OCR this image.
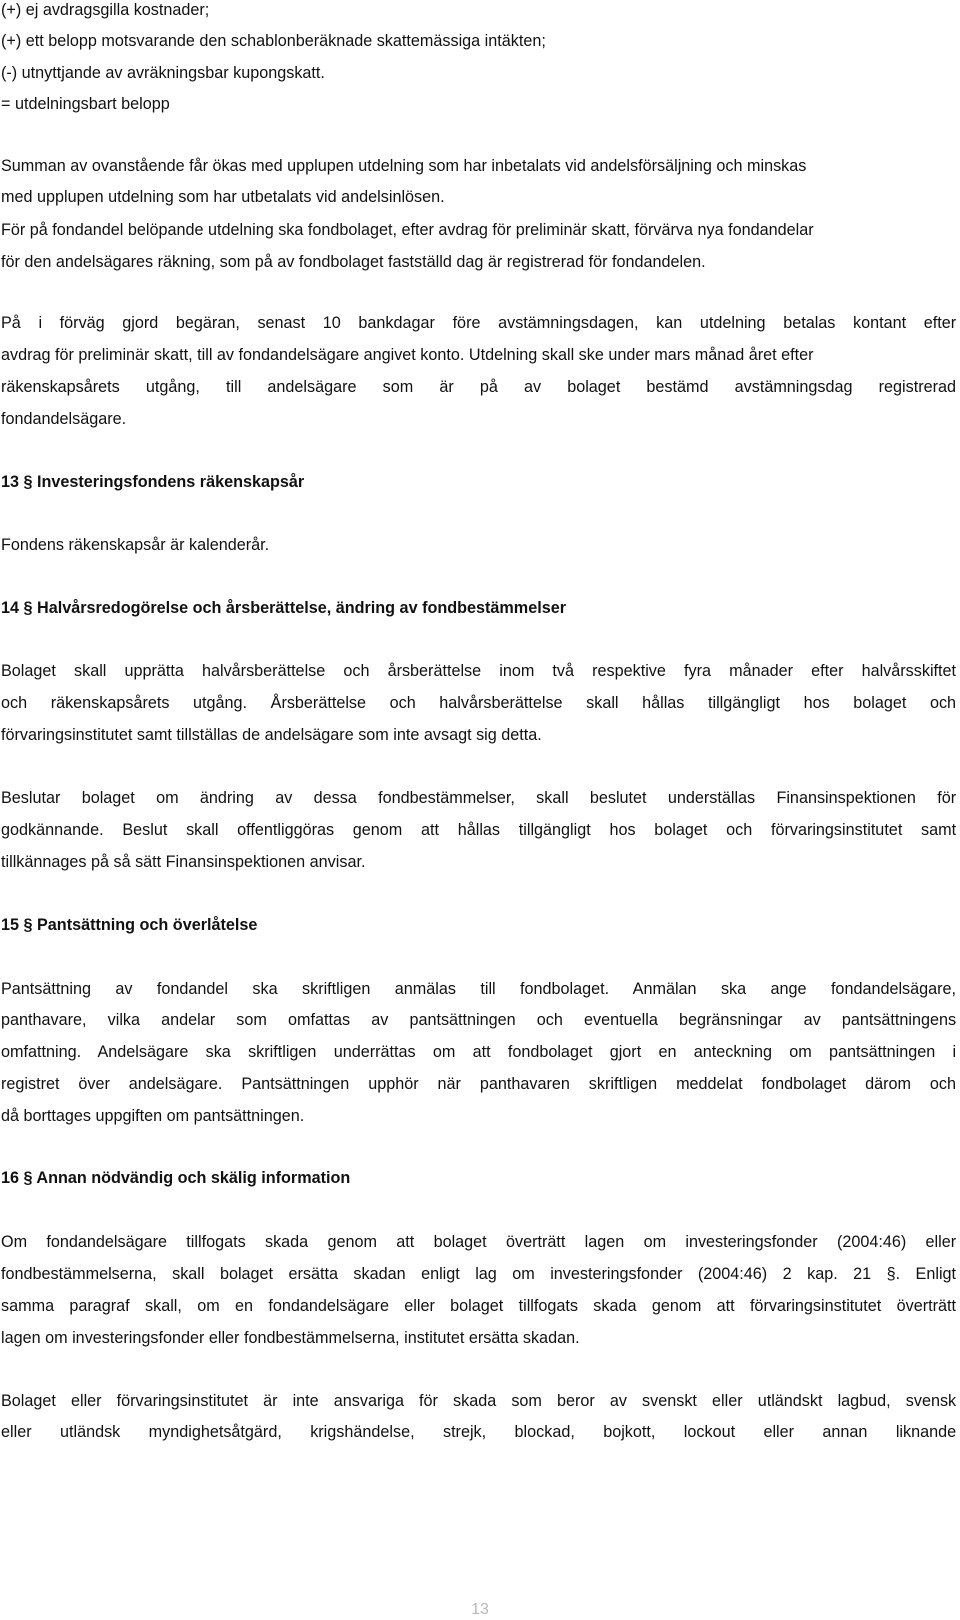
(+) ej avdragsgilla kostnader;
(+) ett belopp motsvarande den schablonberäknade skattemässiga intäkten;
(-) utnyttjande av avräkningsbar kupongskatt.
= utdelningsbart belopp
Summan av ovanstående får ökas med upplupen utdelning som har inbetalats vid andelsförsäljning och minskas
med upplupen utdelning som har utbetalats vid andelsinlösen.
För på fondandel belöpande utdelning ska fondbolaget, efter avdrag för preliminär skatt, förvärva nya fondandelar
för den andelsägares räkning, som på av fondbolaget fastställd dag är registrerad för fondandelen.
På i förväg gjord begäran, senast 10 bankdagar före avstämningsdagen, kan utdelning betalas kontant efter
avdrag för preliminär skatt, till av fondandelsägare angivet konto. Utdelning skall ske under mars månad året efter
räkenskapsårets utgång, till andelsägare som är på av bolaget bestämd avstämningsdag registrerad
fondandelsägare.
13 § Investeringsfondens räkenskapsår
Fondens räkenskapsår är kalenderår.
14 § Halvårsredogörelse och årsberättelse, ändring av fondbestämmelser
Bolaget skall upprätta halvårsberättelse och årsberättelse inom två respektive fyra månader efter halvårsskiftet
och räkenskapsårets utgång. Årsberättelse och halvårsberättelse skall hållas tillgängligt hos bolaget och
förvaringsinstitutet samt tillställas de andelsägare som inte avsagt sig detta.
Beslutar bolaget om ändring av dessa fondbestämmelser, skall beslutet underställas Finansinspektionen för
godkännande. Beslut skall offentliggöras genom att hållas tillgängligt hos bolaget och förvaringsinstitutet samt
tillkännages på så sätt Finansinspektionen anvisar.
15 § Pantsättning och överlåtelse
Pantsättning av fondandel ska skriftligen anmälas till fondbolaget. Anmälan ska ange fondandelsägare,
panthavare, vilka andelar som omfattas av pantsättningen och eventuella begränsningar av pantsättningens
omfattning. Andelsägare ska skriftligen underrättas om att fondbolaget gjort en anteckning om pantsättningen i
registret över andelsägare. Pantsättningen upphör när panthavaren skriftligen meddelat fondbolaget därom och
då borttages uppgiften om pantsättningen.
16 § Annan nödvändig och skälig information
Om fondandelsägare tillfogats skada genom att bolaget överträtt lagen om investeringsfonder (2004:46) eller
fondbestämmelserna, skall bolaget ersätta skadan enligt lag om investeringsfonder (2004:46) 2 kap. 21 §. Enligt
samma paragraf skall, om en fondandelsägare eller bolaget tillfogats skada genom att förvaringsinstitutet överträtt
lagen om investeringsfonder eller fondbestämmelserna, institutet ersätta skadan.
Bolaget eller förvaringsinstitutet är inte ansvariga för skada som beror av svenskt eller utländskt lagbud, svensk
eller utländsk myndighetsåtgärd, krigshändelse, strejk, blockad, bojkott, lockout eller annan liknande
13
